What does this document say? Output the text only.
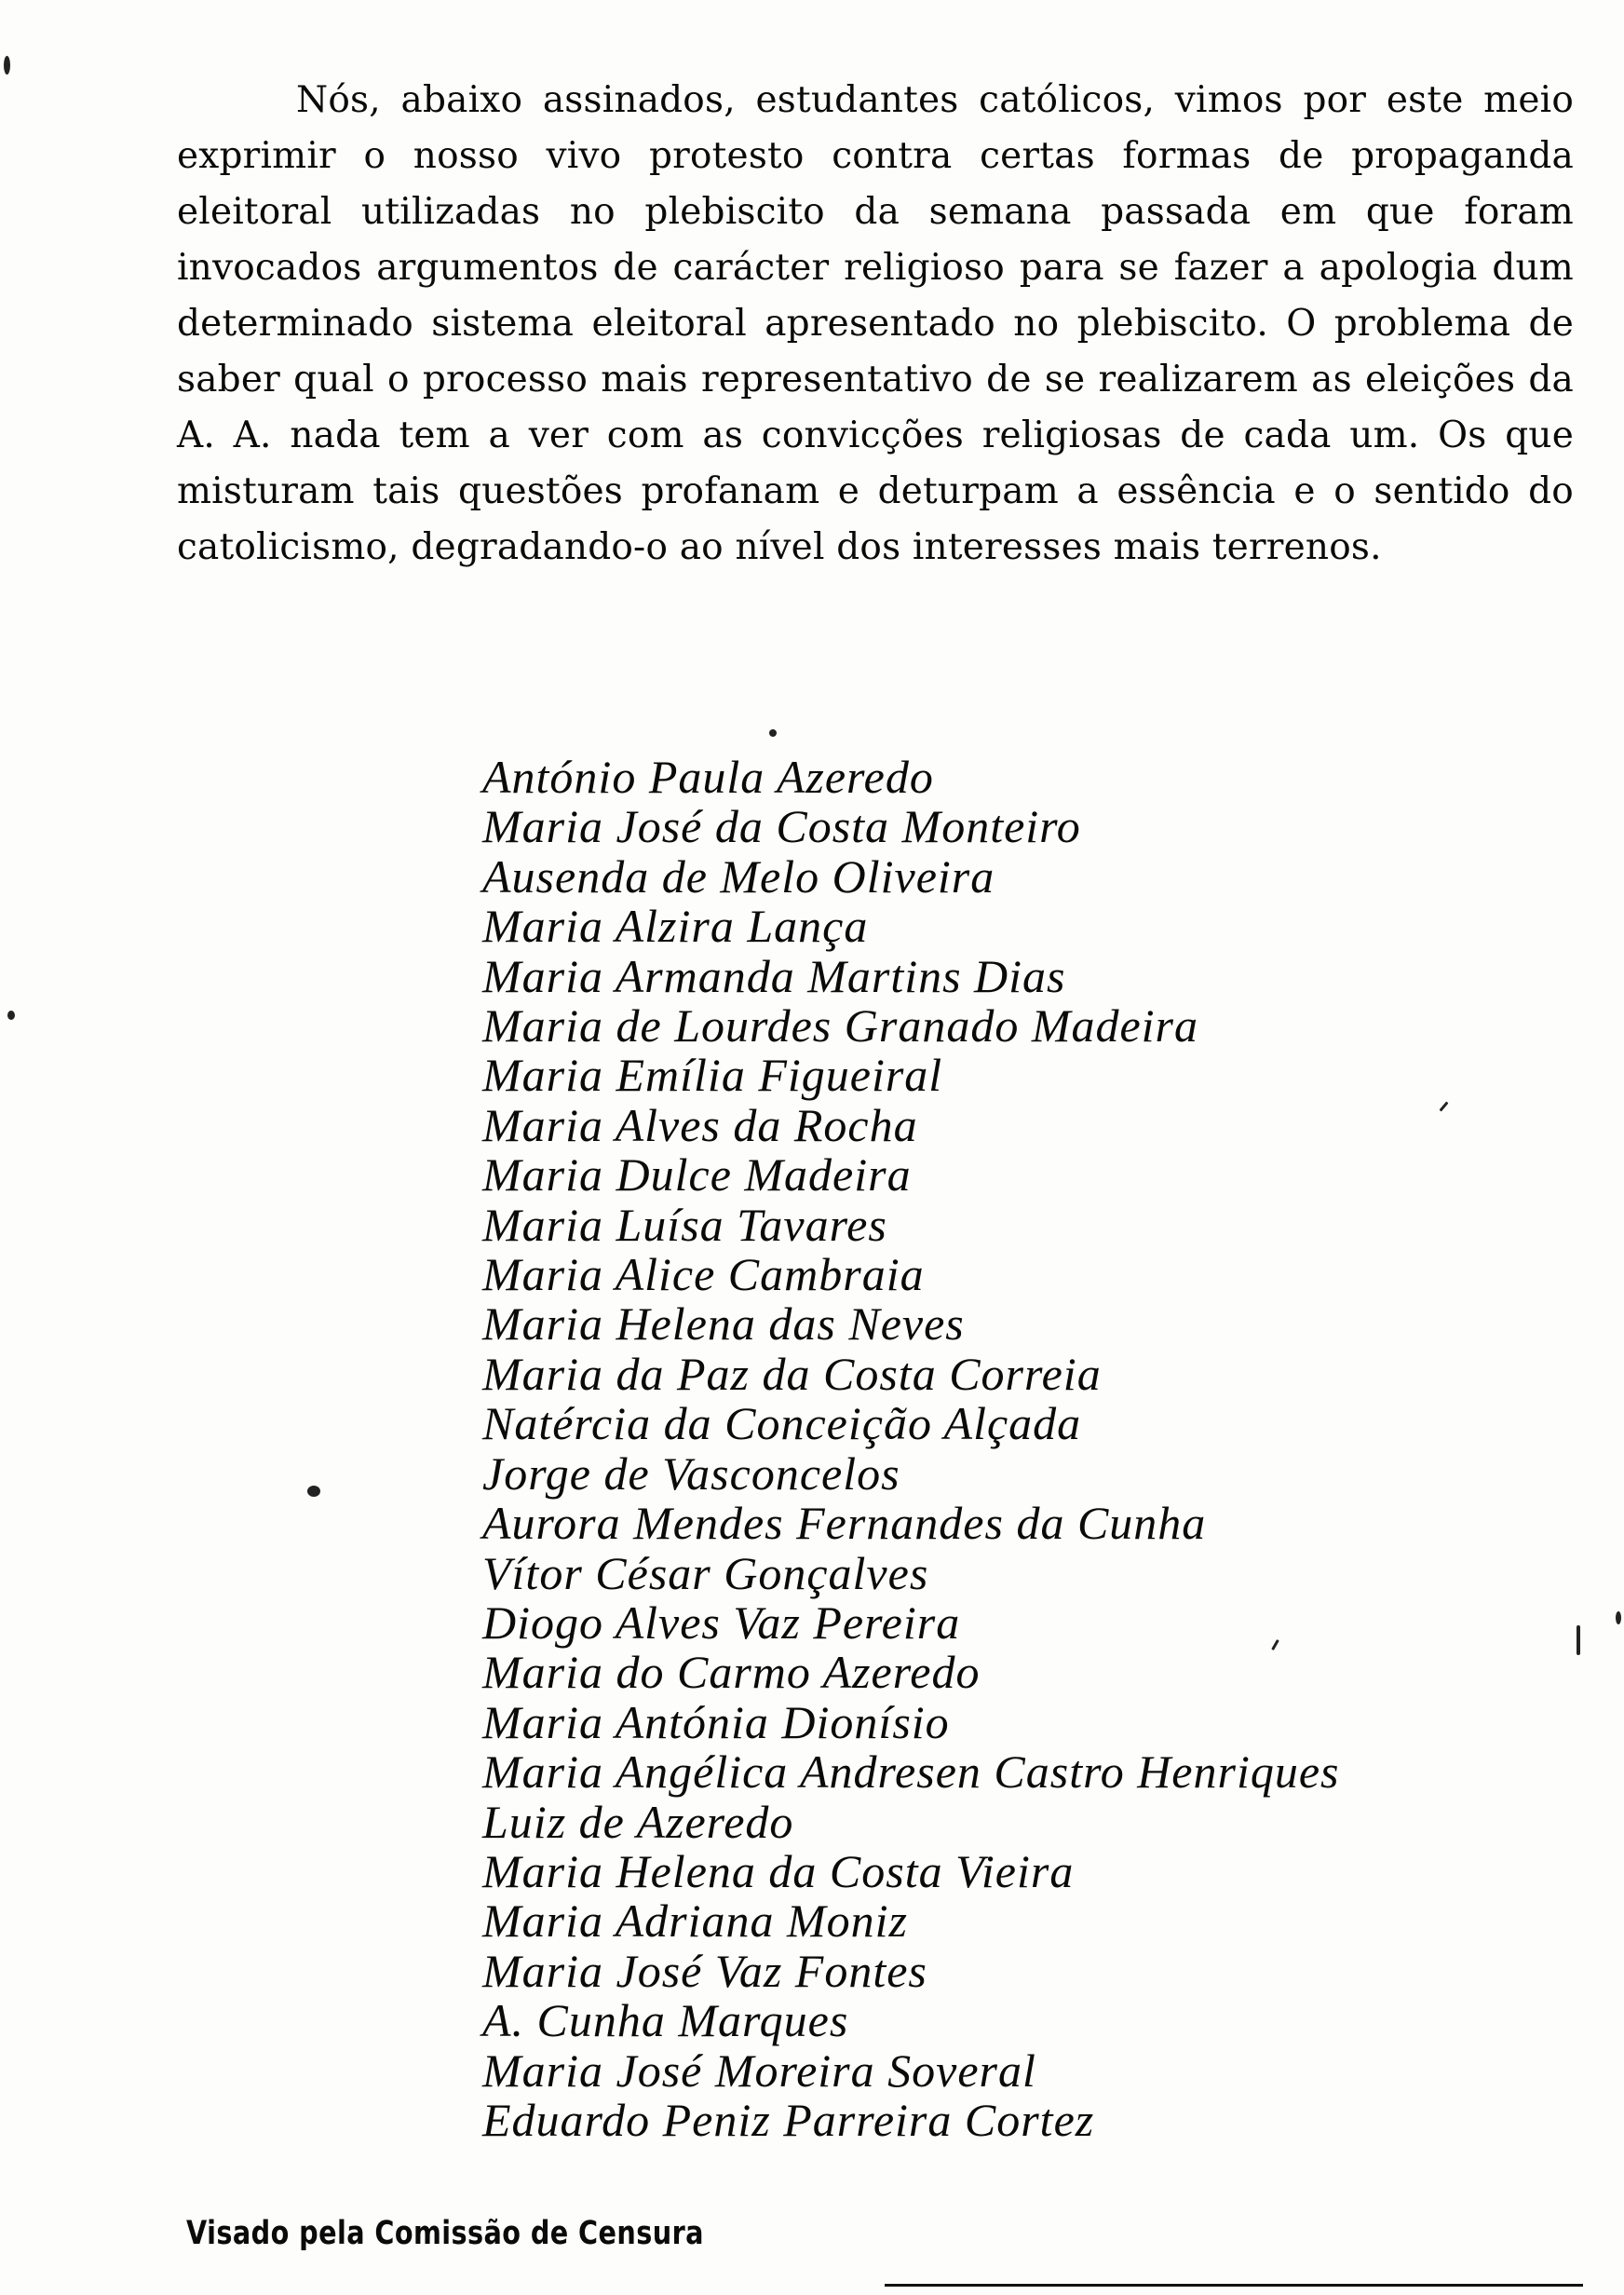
Nós, abaixo assinados, estudantes católicos, vimos por este meio exprimir o nosso vivo protesto contra certas formas de propaganda eleitoral utilizadas no plebiscito da semana passada em que foram invocados argumentos de carácter religioso para se fazer a apologia dum determinado sistema eleitoral apresentado no plebiscito. O problema de saber qual o processo mais representativo de se realizarem as eleições da A. A. nada tem a ver com as convicções religiosas de cada um. Os que misturam tais questões profanam e deturpam a essência e o sentido do catolicismo, degradando-o ao nível dos interesses mais terrenos.

António Paula Azeredo
Maria José da Costa Monteiro
Ausenda de Melo Oliveira
Maria Alzira Lança
Maria Armanda Martins Dias
Maria de Lourdes Granado Madeira
Maria Emília Figueiral
Maria Alves da Rocha
Maria Dulce Madeira
Maria Luísa Tavares
Maria Alice Cambraia
Maria Helena das Neves
Maria da Paz da Costa Correia
Natércia da Conceição Alçada
Jorge de Vasconcelos
Aurora Mendes Fernandes da Cunha
Vítor César Gonçalves
Diogo Alves Vaz Pereira
Maria do Carmo Azeredo
Maria Antónia Dionísio
Maria Angélica Andresen Castro Henriques
Luiz de Azeredo
Maria Helena da Costa Vieira
Maria Adriana Moniz
Maria José Vaz Fontes
A. Cunha Marques
Maria José Moreira Soveral
Eduardo Peniz Parreira Cortez
Visado pela Comissão de Censura
